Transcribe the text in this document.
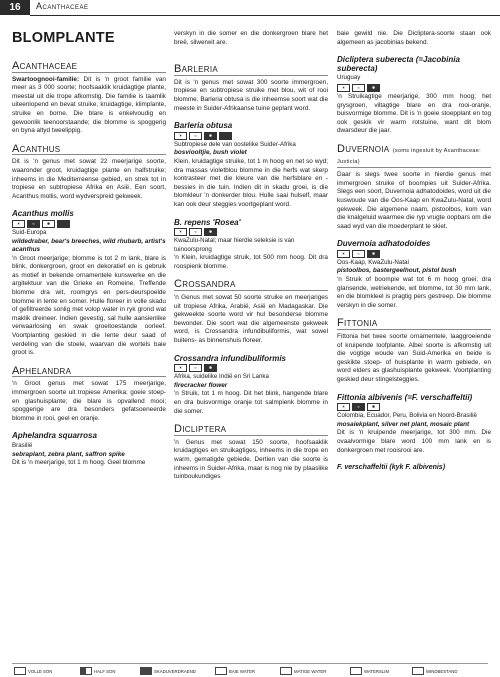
16	Acanthaceae
BLOMPLANTE
Acanthaceae

Swartoognooi-familie: Dit is 'n groot familie van meer as 3 000 soorte; hoofsaaklik kruidagtige plante, meestal uit die trope afkomstig. Die familie is taamlik uiteenlopend en bevat struike, kruidagtige, klimplante, struike en borne. Die blare is enkelvoudig en gewoonlik teenoorstaande; die blomme is spoggerig en byna altyd tweelippig.

Acanthus

Dit is 'n genus met sowat 22 meerjarige soorte, waaronder groot, kruidagtige plante en halfstruike; inheems in die Mediterreense gebied, en strek tot in tropiese en subtropiese Afrika en Asië. Een soort, Acanthus mollis, word wydverspreid gekweek.

Acanthus mollis
☀	≈	✱
Suid-Europa
wildedraber, bear's breeches, wild rhubarb, artist's acanthus

'n Groot meerjarige; blomme is tot 2 m lank, blare is blink, donkergroen, groot en dekoratief en is gebruik as motief in bekende ornamentele kunswerke en die argitektuur van die Grieke en Romeine. Treffende blomme dra wit, roomgrys en pers-deurspoelde blomme in lente en somer. Hulle floreer in volle skadu of gefiltreerde sonlig met volop water in ryk grond wat maklik dreineer. Indien gevestig, sal hulle aansienlike verwaarlosing en swak groeitoestande oorleef. Voortplanting geskied in die lente deur saad of verdeling van die stoele, waarvan die wortels baie groot is.

Aphelandra

'n Groot genus met sowat 175 meerjarige, immergroen soorte uit tropiese Amerika; goeie stoep- en glashuisplante; die blare is opvallend mooi; spoggerige are dra besonders gefatsoeneerde blomme in rooi, geel en oranje.

Aphelandra squarrosa
Brasilië
sebraplant, zebra plant, saffron spike

Dit is 'n meerjarige, tot 1 m hoog. Geel blomme

verskyn in die somer en die donkergroen blare het breë, silwerwit are.

Barleria

Dit is 'n genus met sowat 300 soorte immergroen, tropiese en subtropiese struike met blou, wit of rooi blomme. Barleria obtusa is die inheemse soort wat die meeste in Suider-Afrikaanse tuine geplant word.

Barleria obtusa
☀	≈	✱
Subtropiese dele van oostelike Suider-Afrika
bosviooltjie, bush violet

Klein, kruidagtige struike, tot 1 m hoog en net so wyd; dra massas violetblou blomme in die herfs wat skerp kontrasteer met die kleure van die herfsblare en -bessies in die tuin. Indien dit in skadu groei, is die blomkleur 'n donkerder blou. Hulle saai hulself, maar kan ook deur steggies voortgeplant word.

B. repens 'Rosea'
☀	≈	✱
KwaZulu-Natal; maar hierdie seleksie is van tuinoorsprong

'n Klein, kruidagtige struik, tot 500 mm hoog. Dit dra roospienk blomme.

Crossandra

'n Genus met sowat 50 soorte struike en meerjariges uit tropiese Afrika, Arabië, Asië en Madagaskar. Die gekweekte soorte word vir hul besonderse blomme bewonder. Die soort wat die algemeenste gekweek word, is Crossandra infundibuliformis, wat sowel buitens- as binnenshuis floreer.

Crossandra infundibuliformis
☀	≈	✱
Afrika, suidelike Indië en Sri Lanka
firecracker flower

'n Struik, tot 1 m hoog. Dit het blink, hangende blare en dra buisvormige oranje tot salmpienk blomme in die somer.

Dicliptera

'n Genus met sowat 150 soorte, hoofsaaklik kruidagtiges en struikagtiges, inheems in die trope en warm, gematigde gebiede. Dertien van die soorte is inheems in Suider-Afrika, maar is nog nie by plaaslike tuinboukundiges

baie gewild nie. Die Dicliptera-soorte staan ook algemeen as jacobinias bekend.

Dicliptera suberecta (=Jacobinia suberecta)
Uruguay
☀	≈	✱

'n Struikagtige meerjarige, 300 mm hoog; het grysgroen, viltagtige blare en dra rooi-oranje, buisvormige blomme. Dit is 'n goeie stoepplant en tog ook geskik vir warm rotstuine, want dit blom dwarsdeur die jaar.

Duvernoia (soms ingesluit by Acanthaceae: Justicia)

Daar is slegs twee soorte in hierdie genus met immergroen struike of boompies uit Suider-Afrika. Slegs een soort, Duvernoia adhatodoides, word uit die kuswoude van die Oos-Kaap en KwaZulu-Natal, word gekweek. Die algemene naam, pistoolbos, kom van die knalgeluid waarmee die ryp vrugte oopbars om die saad wyd van die moederplant te skiet.

Duvernoia adhatodoides
☀	≈	✱
Oos-Kaap, KwaZulu-Natal
pistoolbos, bastergeelhout, pistol bush

'n Struik of boompie wat tot 6 m hoog groei; dra glansende, welriekende, wit blomme, tot 30 mm lank, en die blomkleel is pragtig pers gestreep. Die blomme verskyn in die somer.

Fittonia

Fittonia het twee soorte ornamentele, laaggroeiende of kruipende loofplante. Albei soorte is afkomstig uit die vogtige woude van Suid-Amerika en beide is geskikte stoep- of huisplante in warm gebiede, en word elders as glashuisplante gekweek. Voortplanting geskied deur stingelsteggies.

Fittonia albivenis (=F. verschaffeltii)
☀	≈	✱
Colombia, Ecuador, Peru, Bolivia en Noord-Brasilië
mosaiekplant, silver net plant, mosaic plant

Dit is 'n kruipende meerjarige, tot 300 mm. Die ovaalvormige blare word 100 mm lank en is donkergroen met rooisrooi are.

F. verschaffeltii (kyk F. albivenis)
VOLLE SON	HALF SON	SKADUVERDRAEND	BAIE WATER	MATIGE WATER	WATERSLIM	WINDBESTAND
